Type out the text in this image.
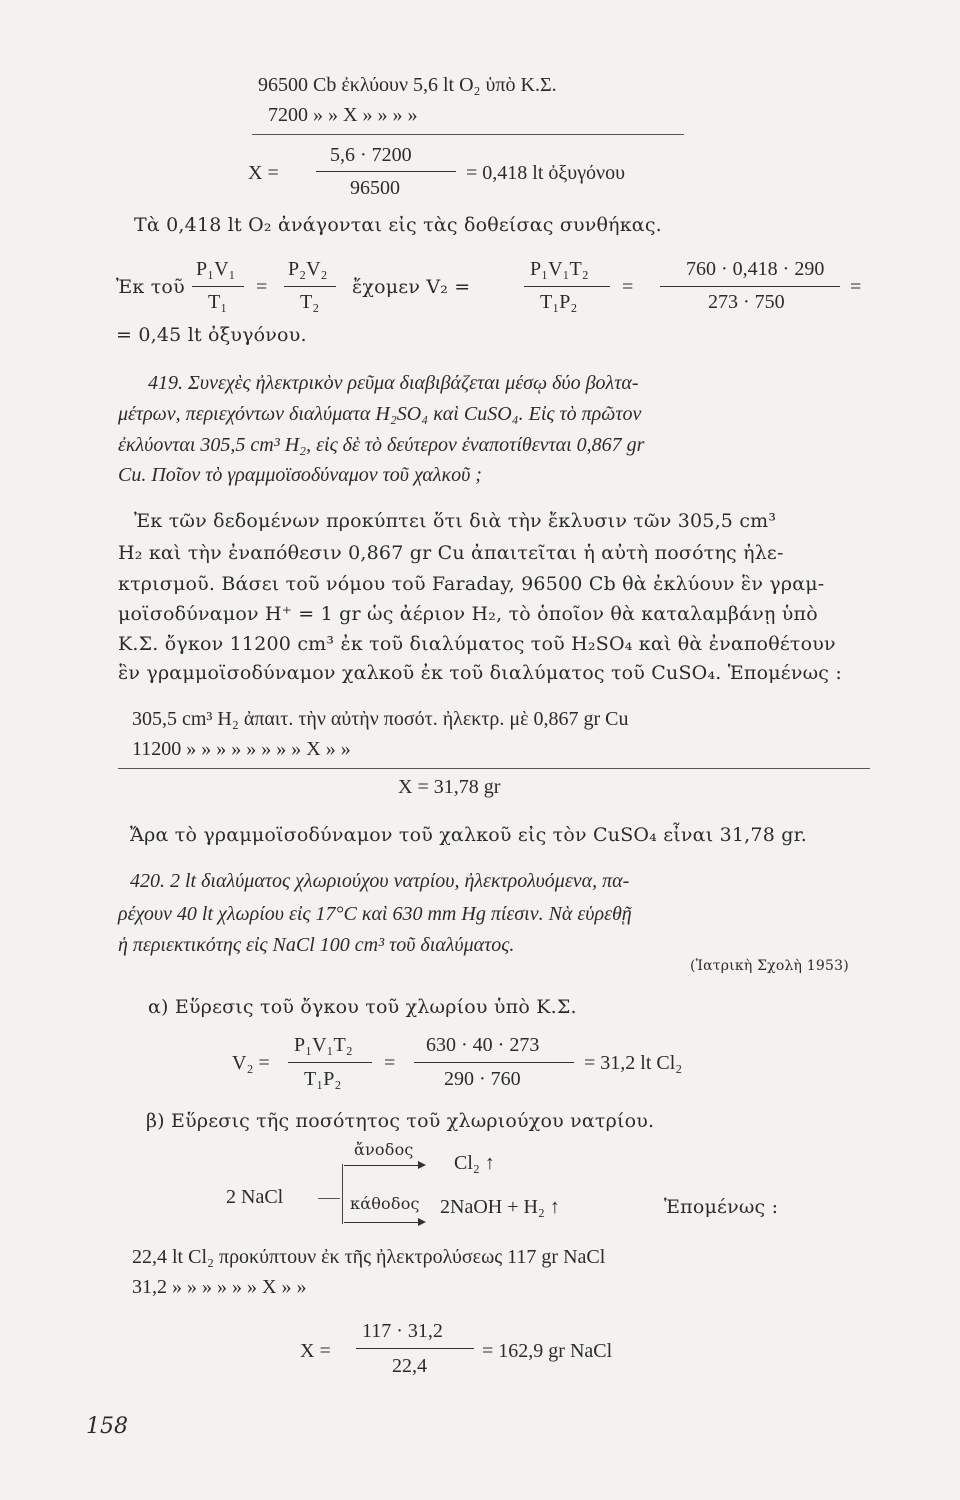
96500 Cb ἐκλύουν 5,6 lt O₂ ὑπὸ Κ.Σ.
7200 » » X » » » »
X =
5,6 · 7200
96500
= 0,418 lt ὀξυγόνου
Τὰ 0,418 lt O₂ ἀνάγονται εἰς τὰς δοθείσας συνθήκας.
Ἐκ τοῦ
P₁V₁
T₁
=
P₂V₂
T₂
ἔχομεν V₂ =
P₁V₁T₂
T₁P₂
=
760 · 0,418 · 290
273 · 750
=
= 0,45 lt ὀξυγόνου.
419. Συνεχὲς ἠλεκτρικὸν ρεῦμα διαβιβάζεται μέσῳ δύο βολτα-
μέτρων, περιεχόντων διαλύματα H₂SO₄ καὶ CuSO₄. Εἰς τὸ πρῶτον
ἐκλύονται 305,5 cm³ H₂, εἰς δὲ τὸ δεύτερον ἐναποτίθενται 0,867 gr
Cu. Ποῖον τὸ γραμμοϊσοδύναμον τοῦ χαλκοῦ ;
Ἐκ τῶν δεδομένων προκύπτει ὅτι διὰ τὴν ἔκλυσιν τῶν 305,5 cm³
H₂ καὶ τὴν ἐναπόθεσιν 0,867 gr Cu ἀπαιτεῖται ἡ αὐτὴ ποσότης ἠλε-
κτρισμοῦ. Βάσει τοῦ νόμου τοῦ Faraday, 96500 Cb θὰ ἐκλύουν ἓν γραμ-
μοϊσοδύναμον H⁺ = 1 gr ὡς ἀέριον H₂, τὸ ὁποῖον θὰ καταλαμβάνῃ ὑπὸ
Κ.Σ. ὄγκον 11200 cm³ ἐκ τοῦ διαλύματος τοῦ H₂SO₄ καὶ θὰ ἐναποθέτουν
ἓν γραμμοϊσοδύναμον χαλκοῦ ἐκ τοῦ διαλύματος τοῦ CuSO₄. Ἑπομένως :
305,5 cm³ H₂ ἀπαιτ. τὴν αὐτὴν ποσότ. ἠλεκτρ. μὲ 0,867 gr Cu
11200 » » » » » » » » X » »
X = 31,78 gr
Ἄρα τὸ γραμμοϊσοδύναμον τοῦ χαλκοῦ εἰς τὸν CuSO₄ εἶναι 31,78 gr.
420. 2 lt διαλύματος χλωριούχου νατρίου, ἠλεκτρολυόμενα, πα-
ρέχουν 40 lt χλωρίου εἰς 17°C καὶ 630 mm Hg πίεσιν. Νὰ εὑρεθῇ
ἡ περιεκτικότης εἰς NaCl 100 cm³ τοῦ διαλύματος.
(Ἰατρικὴ Σχολὴ 1953)
α) Εὕρεσις τοῦ ὄγκου τοῦ χλωρίου ὑπὸ Κ.Σ.
V₂ =
P₁V₁T₂
T₁P₂
=
630 · 40 · 273
290 · 760
= 31,2 lt Cl₂
β) Εὕρεσις τῆς ποσότητος τοῦ χλωριούχου νατρίου.
2 NaCl
ἄνοδος
Cl₂ ↑
κάθοδος 2NaOH + H₂ ↑	Ἑπομένως :
22,4 lt Cl₂ προκύπτουν ἐκ τῆς ἠλεκτρολύσεως 117 gr NaCl
31,2 » » » » » » X » »
X =
117 · 31,2
22,4
= 162,9 gr NaCl
158
